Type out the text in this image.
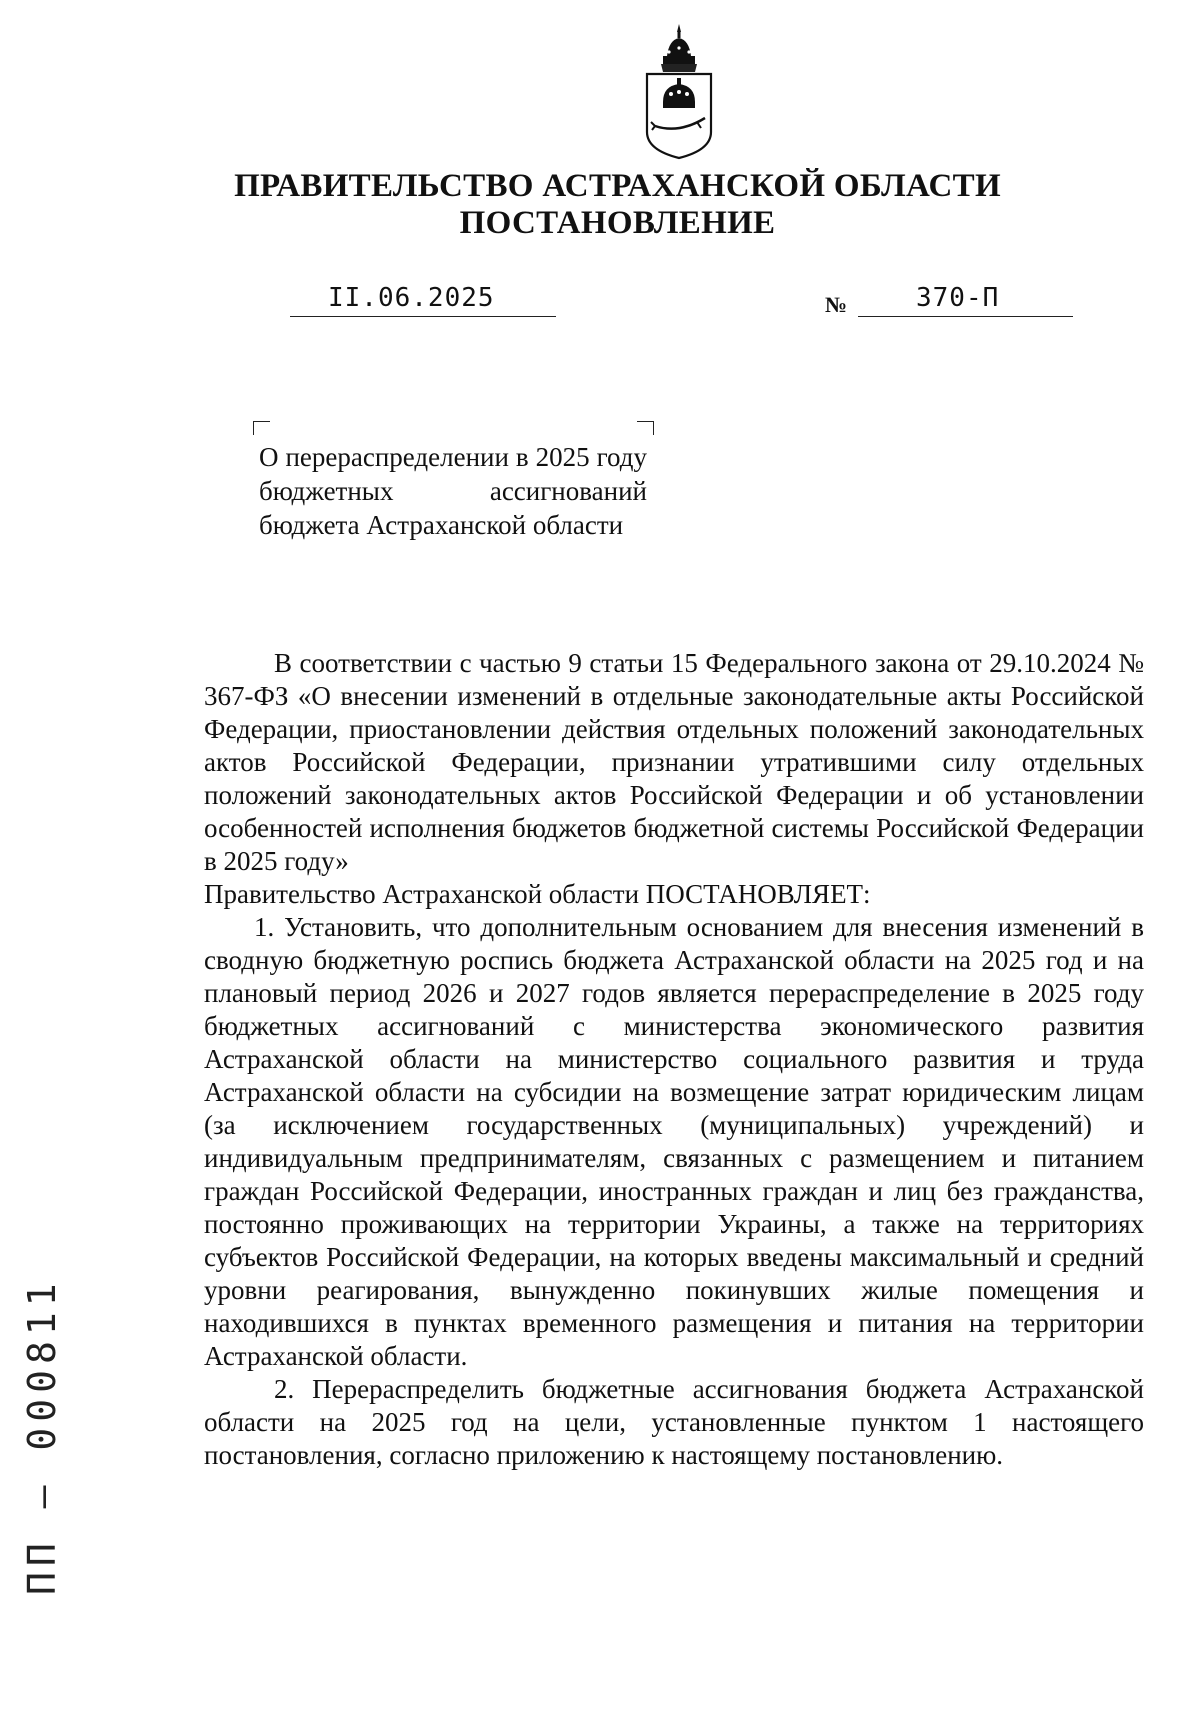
ПРАВИТЕЛЬСТВО АСТРАХАНСКОЙ ОБЛАСТИ
ПОСТАНОВЛЕНИЕ
II.06.2025	№	370-П
О перераспределении в 2025 году бюджетных ассигнований бюджета Астраханской области

В соответствии с частью 9 статьи 15 Федерального закона от 29.10.2024 № 367-ФЗ «О внесении изменений в отдельные законодательные акты Российской Федерации, приостановлении действия отдельных положений законодательных актов Российской Федерации, признании утратившими силу отдельных положений законодательных актов Российской Федерации и об установлении особенностей исполнения бюджетов бюджетной системы Российской Федерации в 2025 году»

Правительство Астраханской области ПОСТАНОВЛЯЕТ:

1. Установить, что дополнительным основанием для внесения изменений в сводную бюджетную роспись бюджета Астраханской области на 2025 год и на плановый период 2026 и 2027 годов является перераспределение в 2025 году бюджетных ассигнований с министерства экономического развития Астраханской области на министерство социального развития и труда Астраханской области на субсидии на возмещение затрат юридическим лицам (за исключением государственных (муниципальных) учреждений) и индивидуальным предпринимателям, связанных с размещением и питанием граждан Российской Федерации, иностранных граждан и лиц без гражданства, постоянно проживающих на территории Украины, а также на территориях субъектов Российской Федерации, на которых введены максимальный и средний уровни реагирования, вынужденно покинувших жилые помещения и находившихся в пунктах временного размещения и питания на территории Астраханской области.

2. Перераспределить бюджетные ассигнования бюджета Астраханской области на 2025 год на цели, установленные пунктом 1 настоящего постановления, согласно приложению к настоящему постановлению.

ПП – 000811
